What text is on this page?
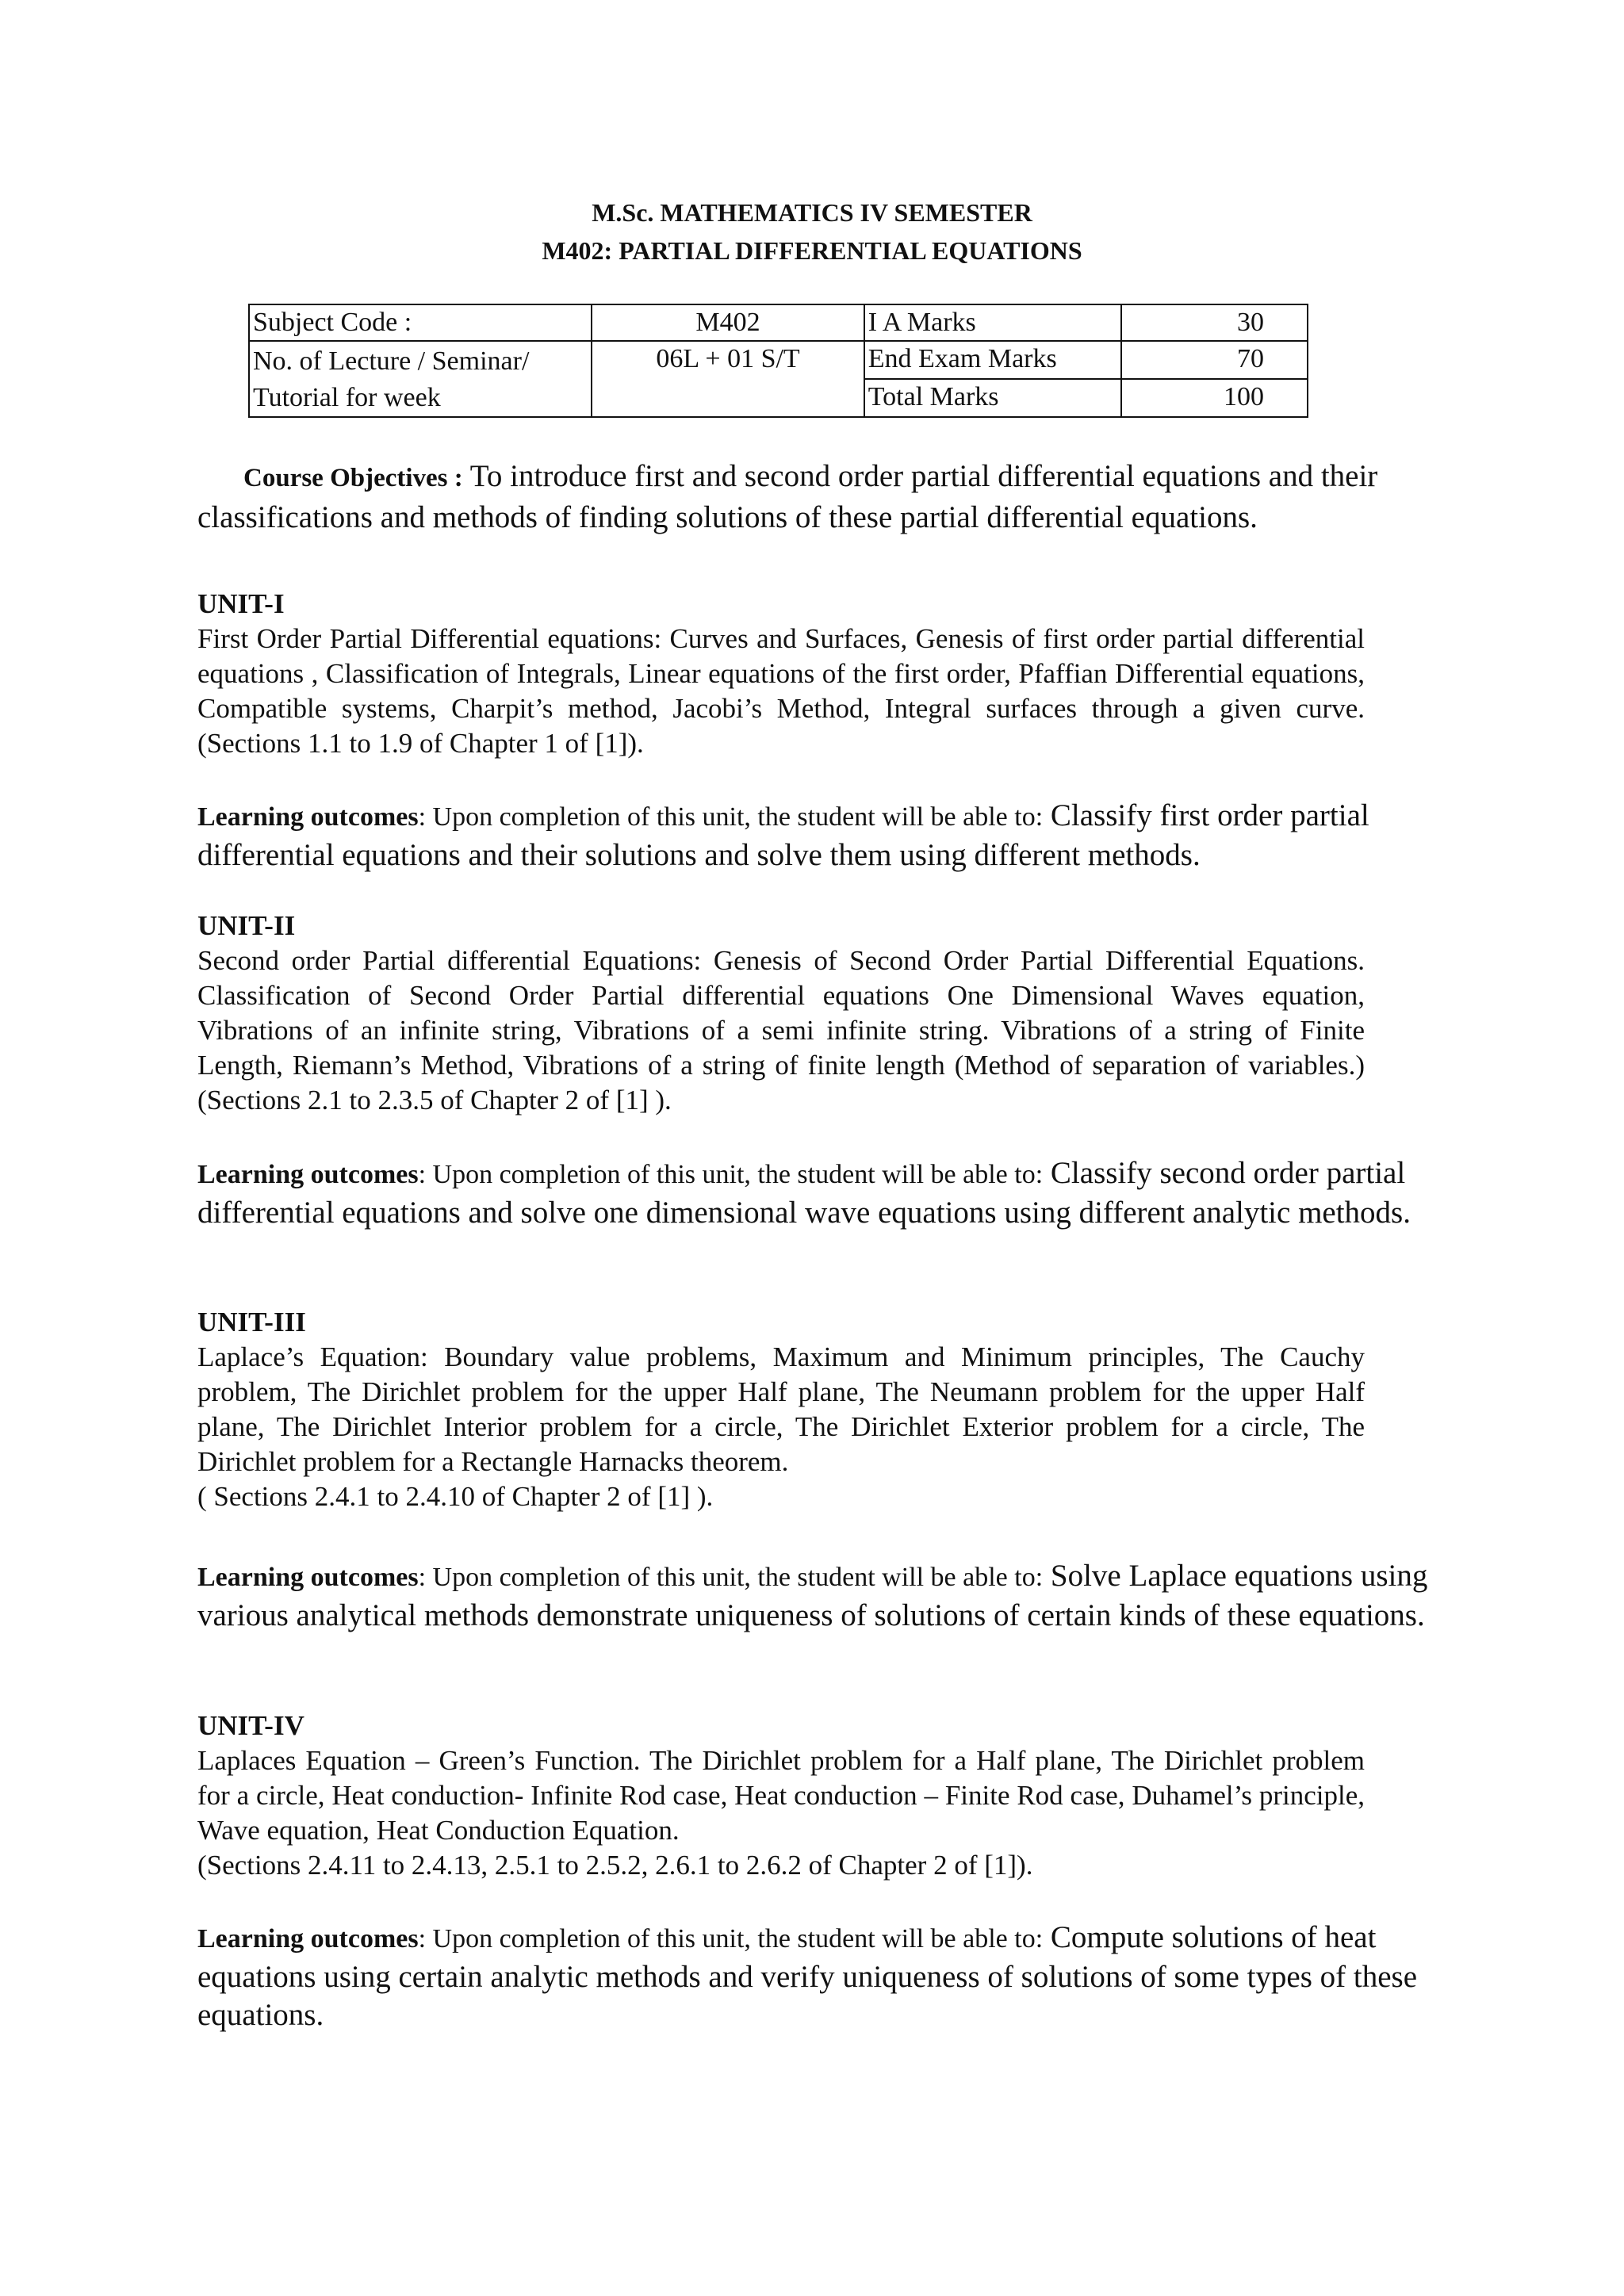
M.Sc. MATHEMATICS IV SEMESTER
M402: PARTIAL DIFFERENTIAL EQUATIONS
Subject Code :	M402	I A Marks	30

No. of Lecture / Seminar/
Tutorial for week	06L + 01 S/T	End Exam Marks	70
		Total Marks	100
Course Objectives : To introduce first and second order partial differential equations and their classifications and methods of finding solutions of these partial differential equations.
UNIT-I
First Order Partial Differential equations: Curves and Surfaces, Genesis of first order partial differential equations , Classification of Integrals, Linear equations of the first order, Pfaffian Differential equations, Compatible systems, Charpit’s method, Jacobi’s Method, Integral surfaces through a given curve. (Sections 1.1 to 1.9 of Chapter 1 of [1]).
Learning outcomes: Upon completion of this unit, the student will be able to: Classify first order partial differential equations and their solutions and solve them using different methods.
UNIT-II
Second order Partial differential Equations: Genesis of Second Order Partial Differential Equations. Classification of Second Order Partial differential equations One Dimensional Waves equation, Vibrations of an infinite string, Vibrations of a semi infinite string. Vibrations of a string of Finite Length, Riemann’s Method, Vibrations of a string of finite length (Method of separation of variables.)(Sections 2.1 to 2.3.5 of Chapter 2 of [1] ).
Learning outcomes: Upon completion of this unit, the student will be able to: Classify second order partial differential equations and solve one dimensional wave equations using different analytic methods.
UNIT-III
Laplace’s Equation: Boundary value problems, Maximum and Minimum principles, The Cauchy problem, The Dirichlet problem for the upper Half plane, The Neumann problem for the upper Half plane, The Dirichlet Interior problem for a circle, The Dirichlet Exterior problem for a circle, The Dirichlet problem for a Rectangle Harnacks theorem.
( Sections 2.4.1 to 2.4.10 of Chapter 2 of [1] ).
Learning outcomes: Upon completion of this unit, the student will be able to: Solve Laplace equations using various analytical methods demonstrate uniqueness of solutions of certain kinds of these equations.
UNIT-IV
Laplaces Equation – Green’s Function. The Dirichlet problem for a Half plane, The Dirichlet problem for a circle, Heat conduction- Infinite Rod case, Heat conduction – Finite Rod case, Duhamel’s principle, Wave equation, Heat Conduction Equation.
(Sections 2.4.11 to 2.4.13, 2.5.1 to 2.5.2, 2.6.1 to 2.6.2 of Chapter 2 of [1]).
Learning outcomes: Upon completion of this unit, the student will be able to: Compute solutions of heat equations using certain analytic methods and verify uniqueness of solutions of some types of these equations.
